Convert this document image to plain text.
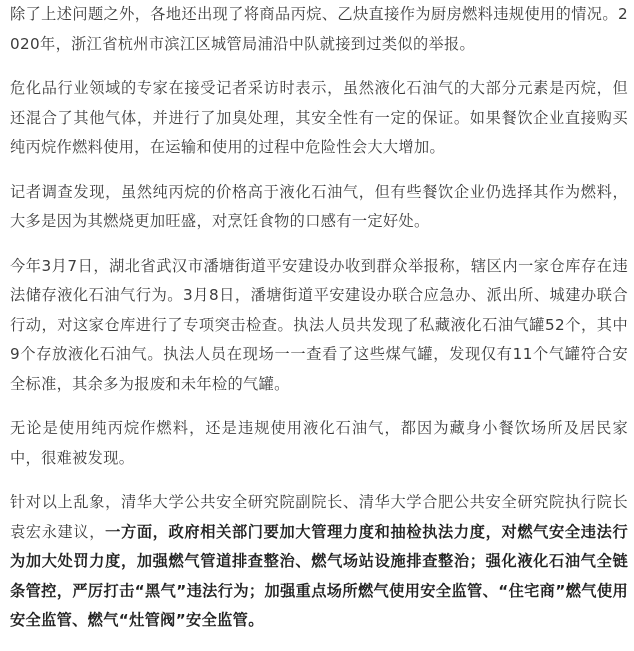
除了上述问题之外，各地还出现了将商品丙烷、乙炔直接作为厨房燃料违规使用的情况。2020年，浙江省杭州市滨江区城管局浦沿中队就接到过类似的举报。

危化品行业领域的专家在接受记者采访时表示，虽然液化石油气的大部分元素是丙烷，但还混合了其他气体，并进行了加臭处理，其安全性有一定的保证。如果餐饮企业直接购买纯丙烷作燃料使用，在运输和使用的过程中危险性会大大增加。

记者调查发现，虽然纯丙烷的价格高于液化石油气，但有些餐饮企业仍选择其作为燃料，大多是因为其燃烧更加旺盛，对烹饪食物的口感有一定好处。

今年3月7日，湖北省武汉市潘塘街道平安建设办收到群众举报称，辖区内一家仓库存在违法储存液化石油气行为。3月8日，潘塘街道平安建设办联合应急办、派出所、城建办联合行动，对这家仓库进行了专项突击检查。执法人员共发现了私藏液化石油气罐52个，其中9个存放液化石油气。执法人员在现场一一查看了这些煤气罐，发现仅有11个气罐符合安全标准，其余多为报废和未年检的气罐。

无论是使用纯丙烷作燃料，还是违规使用液化石油气，都因为藏身小餐饮场所及居民家中，很难被发现。

针对以上乱象，清华大学公共安全研究院副院长、清华大学合肥公共安全研究院执行院长袁宏永建议，一方面，政府相关部门要加大管理力度和抽检执法力度，对燃气安全违法行为加大处罚力度，加强燃气管道排查整治、燃气场站设施排查整治；强化液化石油气全链条管控，严厉打击“黑气”违法行为；加强重点场所燃气使用安全监管、“住宅商”燃气使用安全监管、燃气“灶管阀”安全监管。
